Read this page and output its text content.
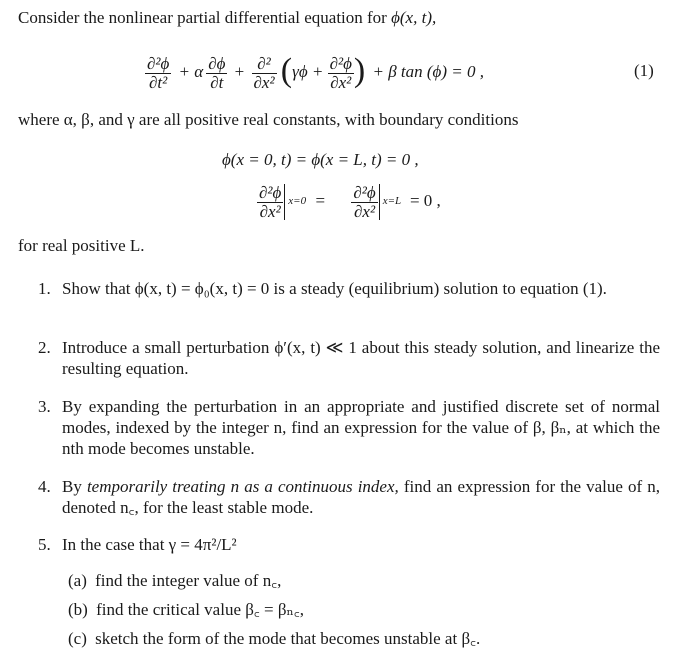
Consider the nonlinear partial differential equation for ϕ(x, t),
$\frac{\text{∂²ϕ}}{\text{∂t²}} + \alpha \frac{\partial\phi}{\partial t} + \frac{\text{∂²}}{\text{∂x²}} (\gamma\phi + \frac{\text{∂²ϕ}}{\text{∂x²}}$ ) + β tan (ϕ) = 0 ,	(1)
where α, β, and γ are all positive real constants, with boundary conditions
ϕ(x = 0, t) = ϕ(x = L, t) = 0 ,
$\frac{\text{∂²ϕ}}{\text{∂x²}} x=0 = \frac{\text{∂²ϕ}}{\text{∂x²}} x=L = 0$ ,
for real positive L.
1. Show that ϕ(x, t) = ϕ₀(x, t) = 0 is a steady (equilibrium) solution to equation (1).
2. Introduce a small perturbation ϕ′(x, t) ≪ 1 about this steady solution, and linearize the resulting equation.
3. By expanding the perturbation in an appropriate and justified discrete set of normal modes, indexed by the integer n, find an expression for the value of β, βₙ, at which the nth mode becomes unstable.
4. By temporarily treating n as a continuous index, find an expression for the value of n, denoted n꜀, for the least stable mode.
5. In the case that γ = 4π²/L²
(a) find the integer value of n꜀,
(b) find the critical value β꜀ = βₙ꜀,
(c) sketch the form of the mode that becomes unstable at β꜀.
